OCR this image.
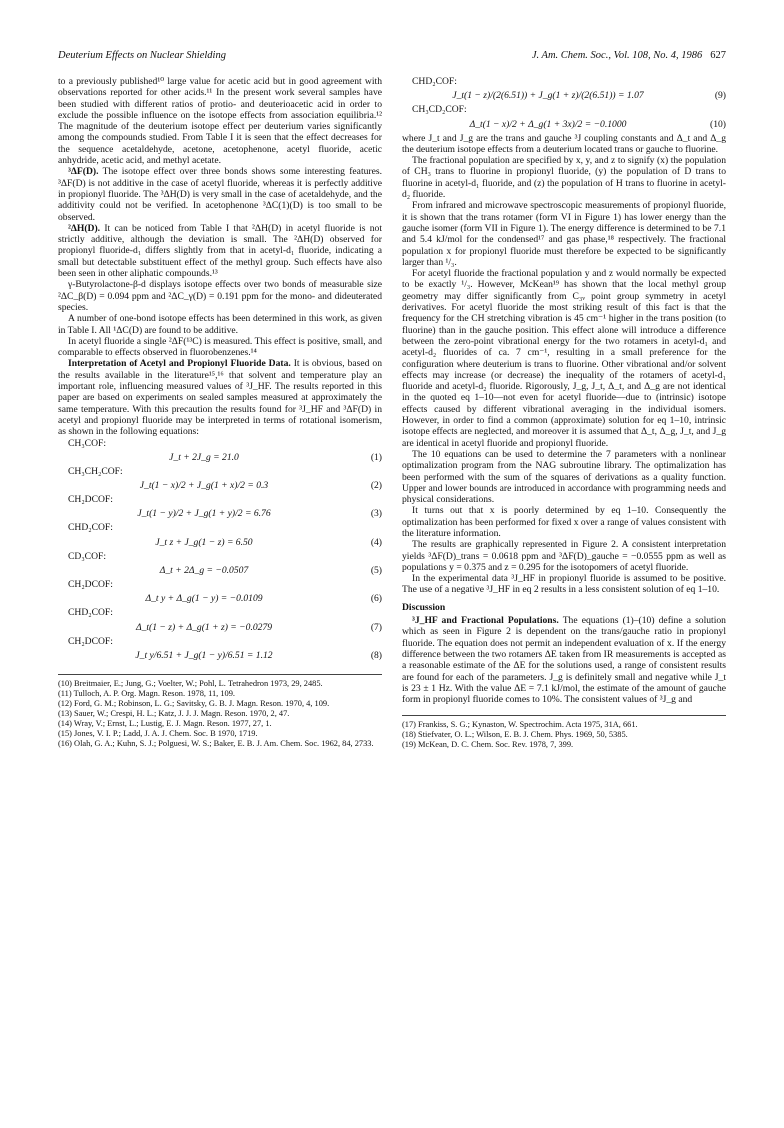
Deuterium Effects on Nuclear Shielding	J. Am. Chem. Soc., Vol. 108, No. 4, 1986 627

to a previously published¹⁰ large value for acetic acid but in good agreement with observations reported for other acids.¹¹ In the present work several samples have been studied with different ratios of protio- and deuterioacetic acid in order to exclude the possible influence on the isotope effects from association equilibria.¹² The magnitude of the deuterium isotope effect per deuterium varies significantly among the compounds studied. From Table I it is seen that the effect decreases for the sequence acetaldehyde, acetone, acetophenone, acetyl fluoride, acetic anhydride, acetic acid, and methyl acetate.

³ΔF(D). The isotope effect over three bonds shows some interesting features. ³ΔF(D) is not additive in the case of acetyl fluoride, whereas it is perfectly additive in propionyl fluoride. The ³ΔH(D) is very small in the case of acetaldehyde, and the additivity could not be verified. In acetophenone ³ΔC(1)(D) is too small to be observed.

²ΔH(D). It can be noticed from Table I that ²ΔH(D) in acetyl fluoride is not strictly additive, although the deviation is small. The ²ΔH(D) observed for propionyl fluoride-d₁ differs slightly from that in acetyl-d₁ fluoride, indicating a small but detectable substituent effect of the methyl group. Such effects have also been seen in other aliphatic compounds.¹³

γ-Butyrolactone-β-d displays isotope effects over two bonds of measurable size ²ΔC_β(D) = 0.094 ppm and ²ΔC_γ(D) = 0.191 ppm for the mono- and dideuterated species.

A number of one-bond isotope effects has been determined in this work, as given in Table I. All ¹ΔC(D) are found to be additive.

In acetyl fluoride a single ²ΔF(¹³C) is measured. This effect is positive, small, and comparable to effects observed in fluorobenzenes.¹⁴

Interpretation of Acetyl and Propionyl Fluoride Data. It is obvious, based on the results available in the literature¹⁵,¹⁶ that solvent and temperature play an important role, influencing measured values of ³J_HF. The results reported in this paper are based on experiments on sealed samples measured at approximately the same temperature. With this precaution the results found for ³J_HF and ³ΔF(D) in acetyl and propionyl fluoride may be interpreted in terms of rotational isomerism, as shown in the following equations:

CH₃COF:

J_t + 2J_g = 21.0	(1)

CH₃CH₂COF:

J_t(1 − x)/2 + J_g(1 + x)/2 = 0.3	(2)

CH₂DCOF:

J_t(1 − y)/2 + J_g(1 + y)/2 = 6.76	(3)

CHD₂COF:

J_t z + J_g(1 − z) = 6.50	(4)

CD₃COF:

Δ_t + 2Δ_g = −0.0507	(5)

CH₂DCOF:

Δ_t y + Δ_g(1 − y) = −0.0109	(6)

CHD₂COF:

Δ_t(1 − z) + Δ_g(1 + z) = −0.0279	(7)

CH₂DCOF:

J_t y/6.51 + J_g(1 − y)/6.51 = 1.12	(8)
(10) Breitmaier, E.; Jung, G.; Voelter, W.; Pohl, L. Tetrahedron 1973, 29, 2485.
(11) Tulloch, A. P. Org. Magn. Reson. 1978, 11, 109.
(12) Ford, G. M.; Robinson, L. G.; Savitsky, G. B. J. Magn. Reson. 1970, 4, 109.
(13) Sauer, W.; Crespi, H. L.; Katz, J. J. J. Magn. Reson. 1970, 2, 47.
(14) Wray, V.; Ernst, L.; Lustig, E. J. Magn. Reson. 1977, 27, 1.
(15) Jones, V. I. P.; Ladd, J. A. J. Chem. Soc. B 1970, 1719.
(16) Olah, G. A.; Kuhn, S. J.; Polguesi, W. S.; Baker, E. B. J. Am. Chem. Soc. 1962, 84, 2733.

CHD₂COF:

J_t(1 − z)/(2(6.51)) + J_g(1 + z)/(2(6.51)) = 1.07	(9)

CH₃CD₂COF:

Δ_t(1 − x)/2 + Δ_g(1 + 3x)/2 = −0.1000	(10)

where J_t and J_g are the trans and gauche ³J coupling constants and Δ_t and Δ_g the deuterium isotope effects from a deuterium located trans or gauche to fluorine.

The fractional population are specified by x, y, and z to signify (x) the population of CH₃ trans to fluorine in propionyl fluoride, (y) the population of D trans to fluorine in acetyl-d₁ fluoride, and (z) the population of H trans to fluorine in acetyl-d₂ fluoride.

From infrared and microwave spectroscopic measurements of propionyl fluoride, it is shown that the trans rotamer (form VI in Figure 1) has lower energy than the gauche isomer (form VII in Figure 1). The energy difference is determined to be 7.1 and 5.4 kJ/mol for the condensed¹⁷ and gas phase,¹⁸ respectively. The fractional population x for propionyl fluoride must therefore be expected to be significantly larger than ¹/₃.

For acetyl fluoride the fractional population y and z would normally be expected to be exactly ¹/₃. However, McKean¹⁹ has shown that the local methyl group geometry may differ significantly from C₃ᵥ point group symmetry in acetyl derivatives. For acetyl fluoride the most striking result of this fact is that the frequency for the CH stretching vibration is 45 cm⁻¹ higher in the trans position (to fluorine) than in the gauche position. This effect alone will introduce a difference between the zero-point vibrational energy for the two rotamers in acetyl-d₁ and acetyl-d₂ fluorides of ca. 7 cm⁻¹, resulting in a small preference for the configuration where deuterium is trans to fluorine. Other vibrational and/or solvent effects may increase (or decrease) the inequality of the rotamers of acetyl-d₁ fluoride and acetyl-d₂ fluoride. Rigorously, J_g, J_t, Δ_t, and Δ_g are not identical in the quoted eq 1–10—not even for acetyl fluoride—due to (intrinsic) isotope effects caused by different vibrational averaging in the individual isomers. However, in order to find a common (approximate) solution for eq 1–10, intrinsic isotope effects are neglected, and moreover it is assumed that Δ_t, Δ_g, J_t, and J_g are identical in acetyl fluoride and propionyl fluoride.

The 10 equations can be used to determine the 7 parameters with a nonlinear optimalization program from the NAG subroutine library. The optimalization has been performed with the sum of the squares of derivations as a quality function. Upper and lower bounds are introduced in accordance with programming needs and physical considerations.

It turns out that x is poorly determined by eq 1–10. Consequently the optimalization has been performed for fixed x over a range of values consistent with the literature information.

The results are graphically represented in Figure 2. A consistent interpretation yields ³ΔF(D)_trans = 0.0618 ppm and ³ΔF(D)_gauche = −0.0555 ppm as well as populations y = 0.375 and z = 0.295 for the isotopomers of acetyl fluoride.

In the experimental data ³J_HF in propionyl fluoride is assumed to be positive. The use of a negative ³J_HF in eq 2 results in a less consistent solution of eq 1–10.

Discussion

³J_HF and Fractional Populations. The equations (1)–(10) define a solution which as seen in Figure 2 is dependent on the trans/gauche ratio in propionyl fluoride. The equation does not permit an independent evaluation of x. If the energy difference between the two rotamers ΔE taken from IR measurements is accepted as a reasonable estimate of the ΔE for the solutions used, a range of consistent results are found for each of the parameters. J_g is definitely small and negative while J_t is 23 ± 1 Hz. With the value ΔE = 7.1 kJ/mol, the estimate of the amount of gauche form in propionyl fluoride comes to 10%. The consistent values of ³J_g and

(17) Frankiss, S. G.; Kynaston, W. Spectrochim. Acta 1975, 31A, 661.
(18) Stiefvater, O. L.; Wilson, E. B. J. Chem. Phys. 1969, 50, 5385.
(19) McKean, D. C. Chem. Soc. Rev. 1978, 7, 399.
